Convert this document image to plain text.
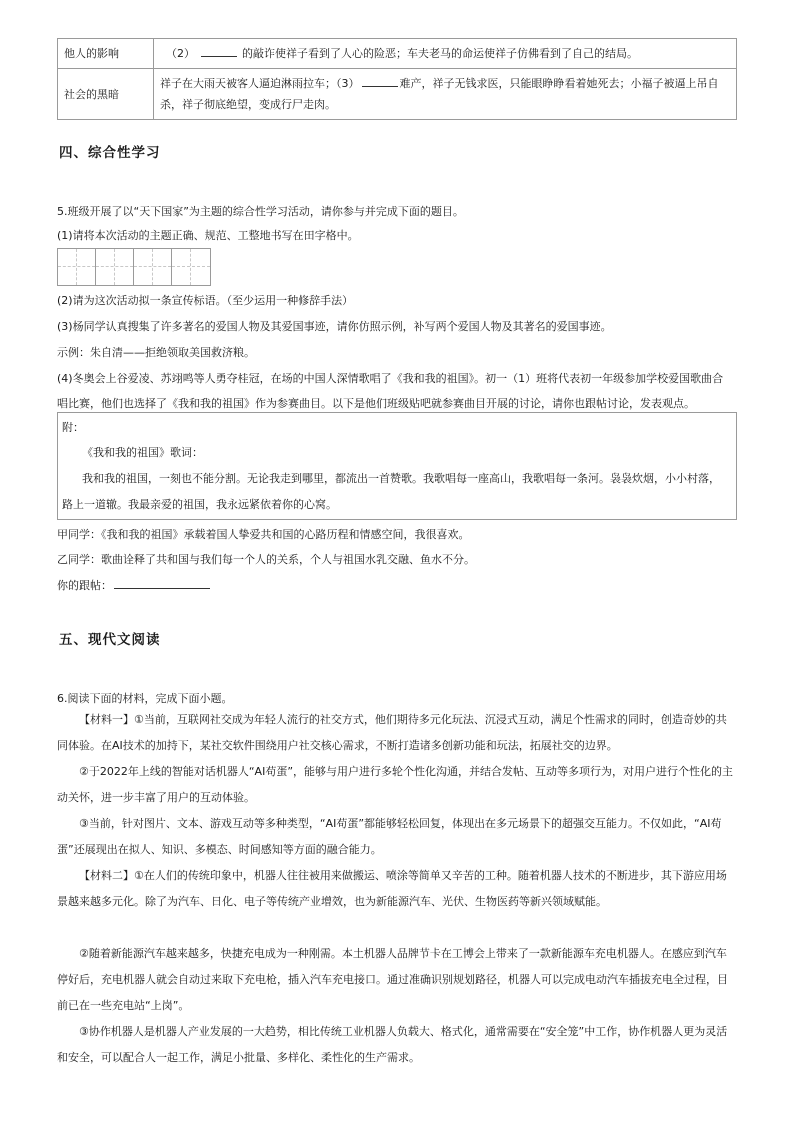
他人的影响	（2） 的敲诈使祥子看到了人心的险恶；车夫老马的命运使祥子仿佛看到了自己的结局。
社会的黑暗	祥子在大雨天被客人逼迫淋雨拉车；（3） 难产，祥子无钱求医，只能眼睁睁看着她死去；小福子被逼上吊自杀，祥子彻底绝望，变成行尸走肉。
四、综合性学习
5.班级开展了以“天下国家”为主题的综合性学习活动，请你参与并完成下面的题目。
(1)请将本次活动的主题正确、规范、工整地书写在田字格中。
(2)请为这次活动拟一条宣传标语。（至少运用一种修辞手法）
(3)杨同学认真搜集了许多著名的爱国人物及其爱国事迹，请你仿照示例，补写两个爱国人物及其著名的爱国事迹。
示例：朱自清——拒绝领取美国救济粮。
(4)冬奥会上谷爱凌、苏翊鸣等人勇夺桂冠，在场的中国人深情歌唱了《我和我的祖国》。初一（1）班将代表初一年级参加学校爱国歌曲合
唱比赛，他们也选择了《我和我的祖国》作为参赛曲目。以下是他们班级贴吧就参赛曲目开展的讨论，请你也跟帖讨论，发表观点。
附：
《我和我的祖国》歌词：
我和我的祖国，一刻也不能分割。无论我走到哪里，都流出一首赞歌。我歌唱每一座高山，我歌唱每一条河。袅袅炊烟，小小村落，
路上一道辙。我最亲爱的祖国，我永远紧依着你的心窝。
甲同学：《我和我的祖国》承载着国人挚爱共和国的心路历程和情感空间，我很喜欢。
乙同学：歌曲诠释了共和国与我们每一个人的关系，个人与祖国水乳交融、鱼水不分。
你的跟帖：
五、现代文阅读
6.阅读下面的材料，完成下面小题。
【材料一】①当前，互联网社交成为年轻人流行的社交方式，他们期待多元化玩法、沉浸式互动，满足个性需求的同时，创造奇妙的共同体验。在AI技术的加持下，某社交软件围绕用户社交核心需求，不断打造诸多创新功能和玩法，拓展社交的边界。
②于2022年上线的智能对话机器人“AI苟蛋”，能够与用户进行多轮个性化沟通，并结合发帖、互动等多项行为，对用户进行个性化的主动关怀，进一步丰富了用户的互动体验。
③当前，针对图片、文本、游戏互动等多种类型，“AI苟蛋”都能够轻松回复，体现出在多元场景下的超强交互能力。不仅如此，“AI苟蛋”还展现出在拟人、知识、多模态、时间感知等方面的融合能力。
【材料二】①在人们的传统印象中，机器人往往被用来做搬运、喷涂等简单又辛苦的工种。随着机器人技术的不断进步，其下游应用场景越来越多元化。除了为汽车、日化、电子等传统产业增效，也为新能源汽车、光伏、生物医药等新兴领域赋能。
②随着新能源汽车越来越多，快捷充电成为一种刚需。本土机器人品牌节卡在工博会上带来了一款新能源车充电机器人。在感应到汽车停好后，充电机器人就会自动过来取下充电枪，插入汽车充电接口。通过准确识别规划路径，机器人可以完成电动汽车插拔充电全过程，目前已在一些充电站“上岗”。
③协作机器人是机器人产业发展的一大趋势，相比传统工业机器人负载大、格式化，通常需要在“安全笼”中工作，协作机器人更为灵活和安全，可以配合人一起工作，满足小批量、多样化、柔性化的生产需求。
